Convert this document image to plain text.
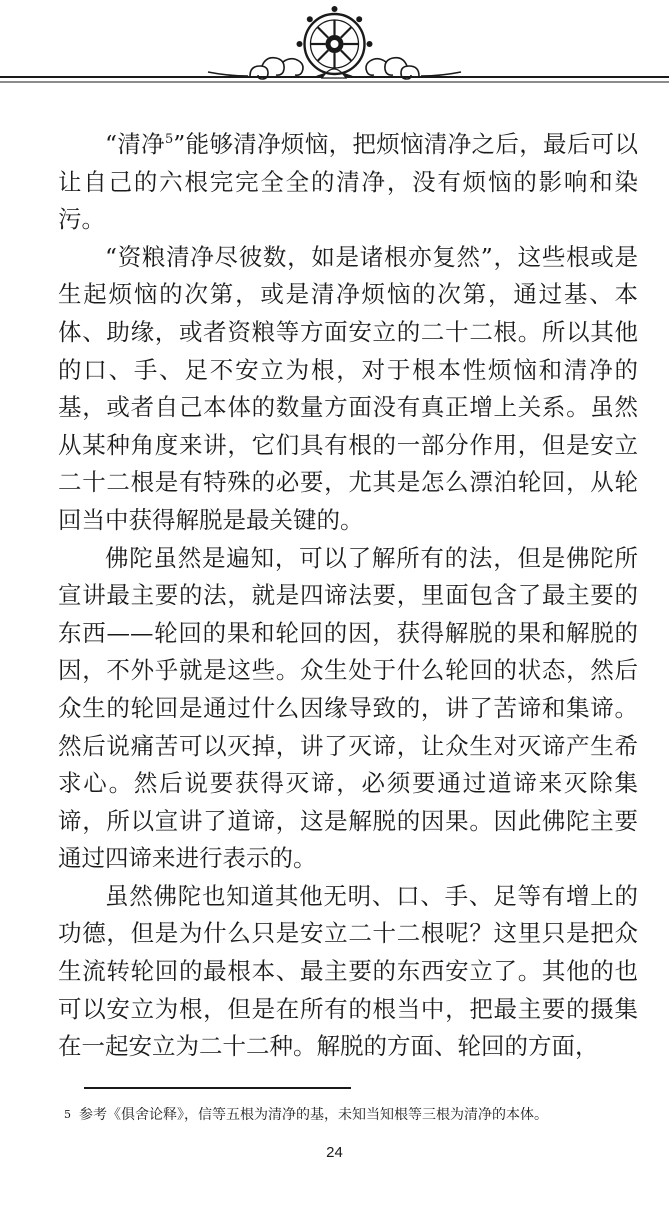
“清净$^5$”能够清净烦恼，把烦恼清净之后，最后可以让自己的六根完完全全的清净，没有烦恼的影响和染污。

“资粮清净尽彼数，如是诸根亦复然”，这些根或是生起烦恼的次第，或是清净烦恼的次第，通过基、本体、助缘，或者资粮等方面安立的二十二根。所以其他的口、手、足不安立为根，对于根本性烦恼和清净的基，或者自己本体的数量方面没有真正增上关系。虽然从某种角度来讲，它们具有根的一部分作用，但是安立二十二根是有特殊的必要，尤其是怎么漂泊轮回，从轮回当中获得解脱是最关键的。

佛陀虽然是遍知，可以了解所有的法，但是佛陀所宣讲最主要的法，就是四谛法要，里面包含了最主要的东西——轮回的果和轮回的因，获得解脱的果和解脱的因，不外乎就是这些。众生处于什么轮回的状态，然后众生的轮回是通过什么因缘导致的，讲了苦谛和集谛。然后说痛苦可以灭掉，讲了灭谛，让众生对灭谛产生希求心。然后说要获得灭谛，必须要通过道谛来灭除集谛，所以宣讲了道谛，这是解脱的因果。因此佛陀主要通过四谛来进行表示的。

虽然佛陀也知道其他无明、口、手、足等有增上的功德，但是为什么只是安立二十二根呢？这里只是把众生流转轮回的最根本、最主要的东西安立了。其他的也可以安立为根，但是在所有的根当中，把最主要的摄集在一起安立为二十二种。解脱的方面、轮回的方面，

5 参考《俱舍论释》，信等五根为清净的基，未知当知根等三根为清净的本体。
24
